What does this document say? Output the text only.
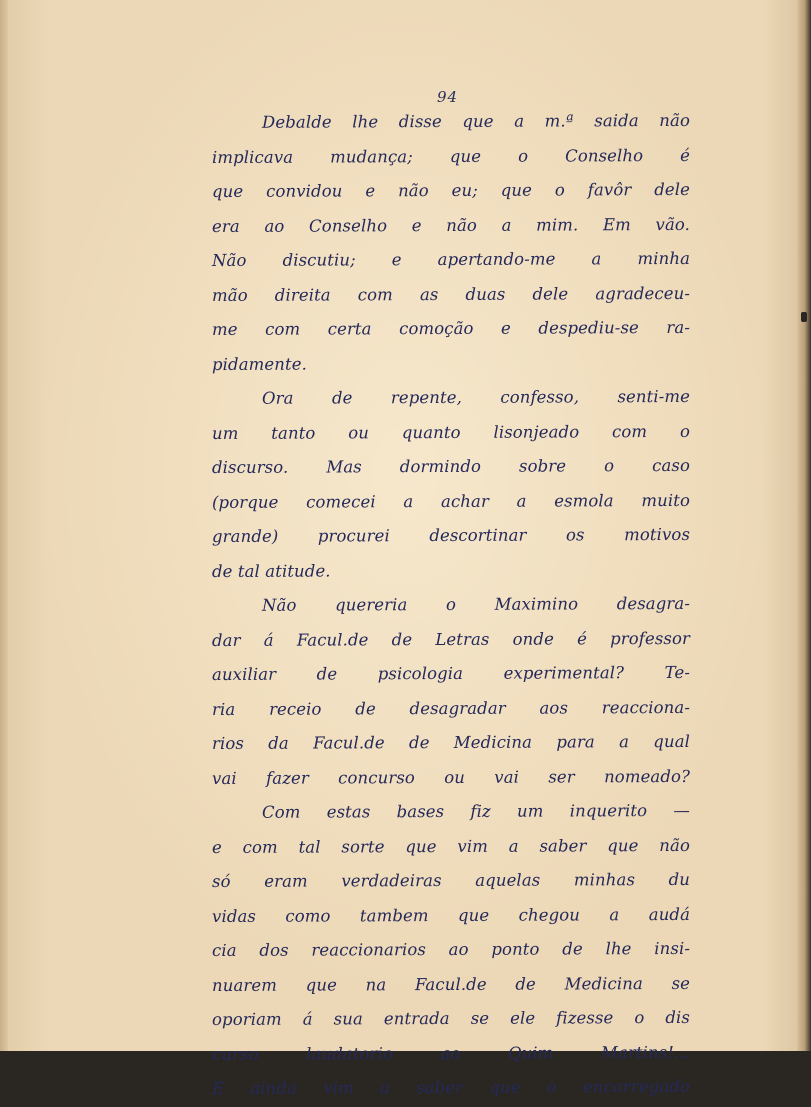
94
Debalde lhe disse que a m.ª saida não
implicava mudança; que o Conselho é
que convidou e não eu; que o favôr dele
era ao Conselho e não a mim. Em vão.
Não discutiu; e apertando-me a minha
mão direita com as duas dele agradeceu-
me com certa comoção e despediu-se ra-
pidamente.
Ora de repente, confesso, senti-me
um tanto ou quanto lisonjeado com o
discurso. Mas dormindo sobre o caso
(porque comecei a achar a esmola muito
grande) procurei descortinar os motivos
de tal atitude.
Não quereria o Maximino desagra-
dar á Facul.de de Letras onde é professor
auxiliar de psicologia experimental? Te-
ria receio de desagradar aos reacciona-
rios da Facul.de de Medicina para a qual
vai fazer concurso ou vai ser nomeado?
Com estas bases fiz um inquerito —
e com tal sorte que vim a saber que não
só eram verdadeiras aquelas minhas du
vidas como tambem que chegou a audá
cia dos reaccionarios ao ponto de lhe insi-
nuarem que na Facul.de de Medicina se
oporiam á sua entrada se ele fizesse o dis
curso laudatorio ao Quim Martins!...
E ainda vim a saber que o encarregado
